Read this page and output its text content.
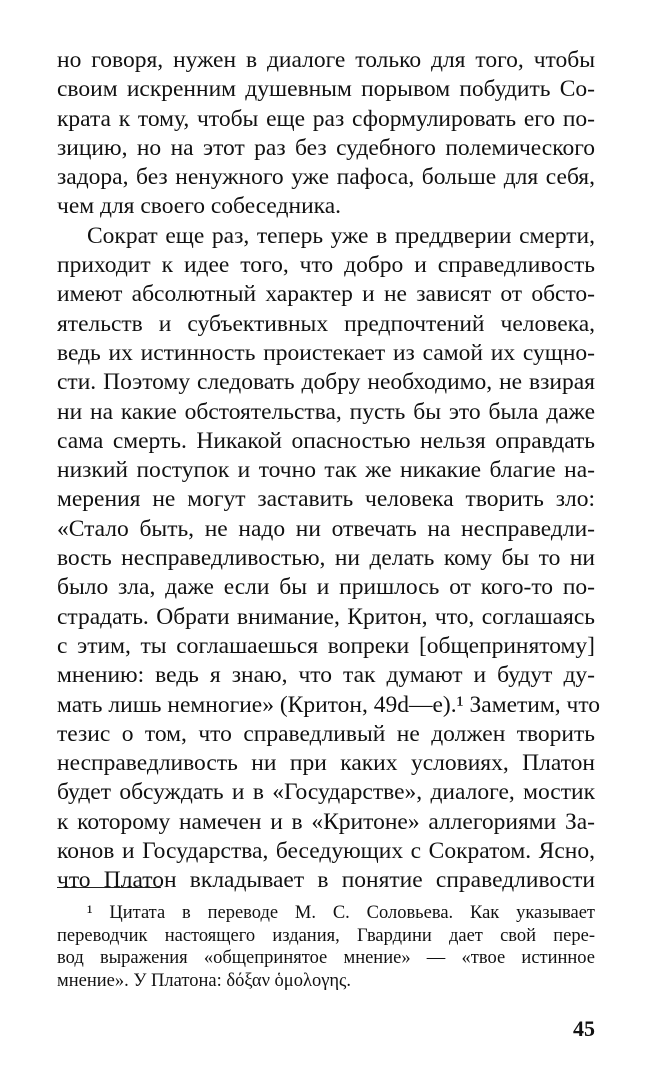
но говоря, нужен в диалоге только для того, чтобы
своим искренним душевным порывом побудить Со-
крата к тому, чтобы еще раз сформулировать его по-
зицию, но на этот раз без судебного полемического
задора, без ненужного уже пафоса, больше для себя,
чем для своего собеседника.
Сократ еще раз, теперь уже в преддверии смерти,
приходит к идее того, что добро и справедливость
имеют абсолютный характер и не зависят от обсто-
ятельств и субъективных предпочтений человека,
ведь их истинность проистекает из самой их сущно-
сти. Поэтому следовать добру необходимо, не взирая
ни на какие обстоятельства, пусть бы это была даже
сама смерть. Никакой опасностью нельзя оправдать
низкий поступок и точно так же никакие благие на-
мерения не могут заставить человека творить зло:
«Стало быть, не надо ни отвечать на несправедли-
вость несправедливостью, ни делать кому бы то ни
было зла, даже если бы и пришлось от кого-то по-
страдать. Обрати внимание, Критон, что, соглашаясь
с этим, ты соглашаешься вопреки [общепринятому]
мнению: ведь я знаю, что так думают и будут ду-
мать лишь немногие» (Критон, 49d—e).¹ Заметим, что
тезис о том, что справедливый не должен творить
несправедливость ни при каких условиях, Платон
будет обсуждать и в «Государстве», диалоге, мостик
к которому намечен и в «Критоне» аллегориями За-
конов и Государства, беседующих с Сократом. Ясно,
что Платон вкладывает в понятие справедливости
¹ Цитата в переводе М. С. Соловьева. Как указывает
переводчик настоящего издания, Гвардини дает свой пере-
вод выражения «общепринятое мнение» — «твое истинное
мнение». У Платона: δόξαν ὁμολογης.
45
